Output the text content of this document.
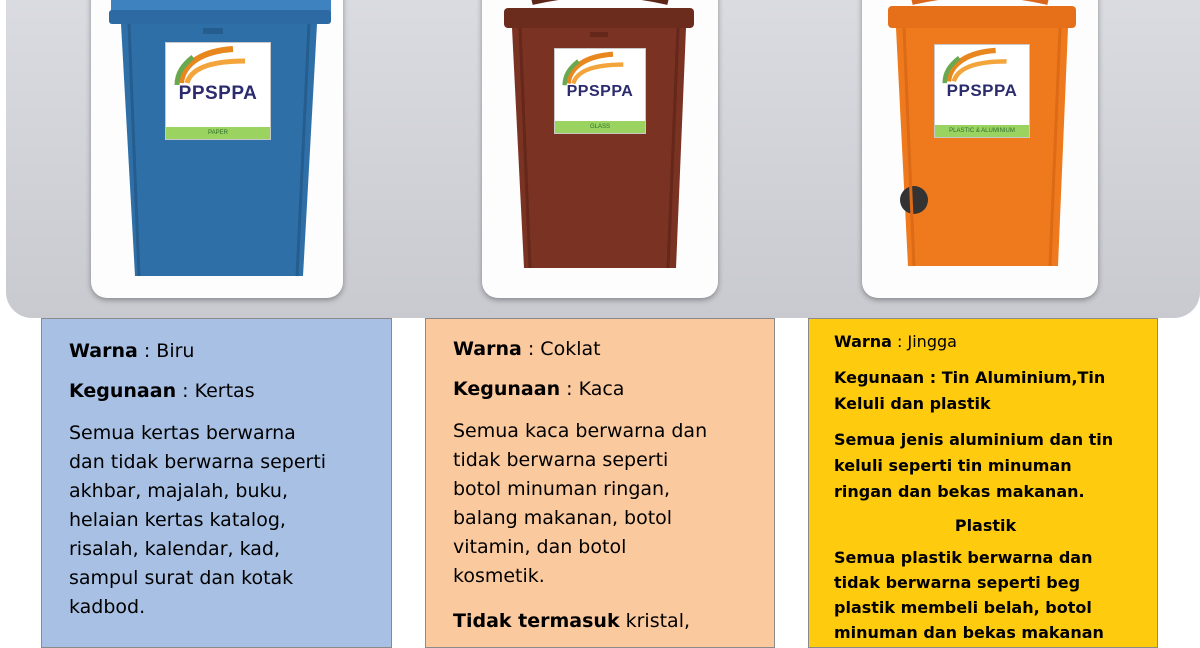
PPSPPA
PAPER
PPSPPA
GLASS
PPSPPA
PLASTIC & ALUMINIUM
Warna : Biru
Kegunaan : Kertas
Semua kertas berwarna
dan tidak berwarna seperti
akhbar, majalah, buku,
helaian kertas katalog,
risalah, kalendar, kad,
sampul surat dan kotak
kadbod.
Warna : Coklat
Kegunaan : Kaca
Semua kaca berwarna dan
tidak berwarna seperti
botol minuman ringan,
balang makanan, botol
vitamin, dan botol
kosmetik.
Tidak termasuk kristal,
Warna : Jingga
Kegunaan : Tin Aluminium,Tin Keluli dan plastik
Semua jenis aluminium dan tin
keluli seperti tin minuman
ringan dan bekas makanan.
Plastik
Semua plastik berwarna dan
tidak berwarna seperti beg
plastik membeli belah, botol
minuman dan bekas makanan
